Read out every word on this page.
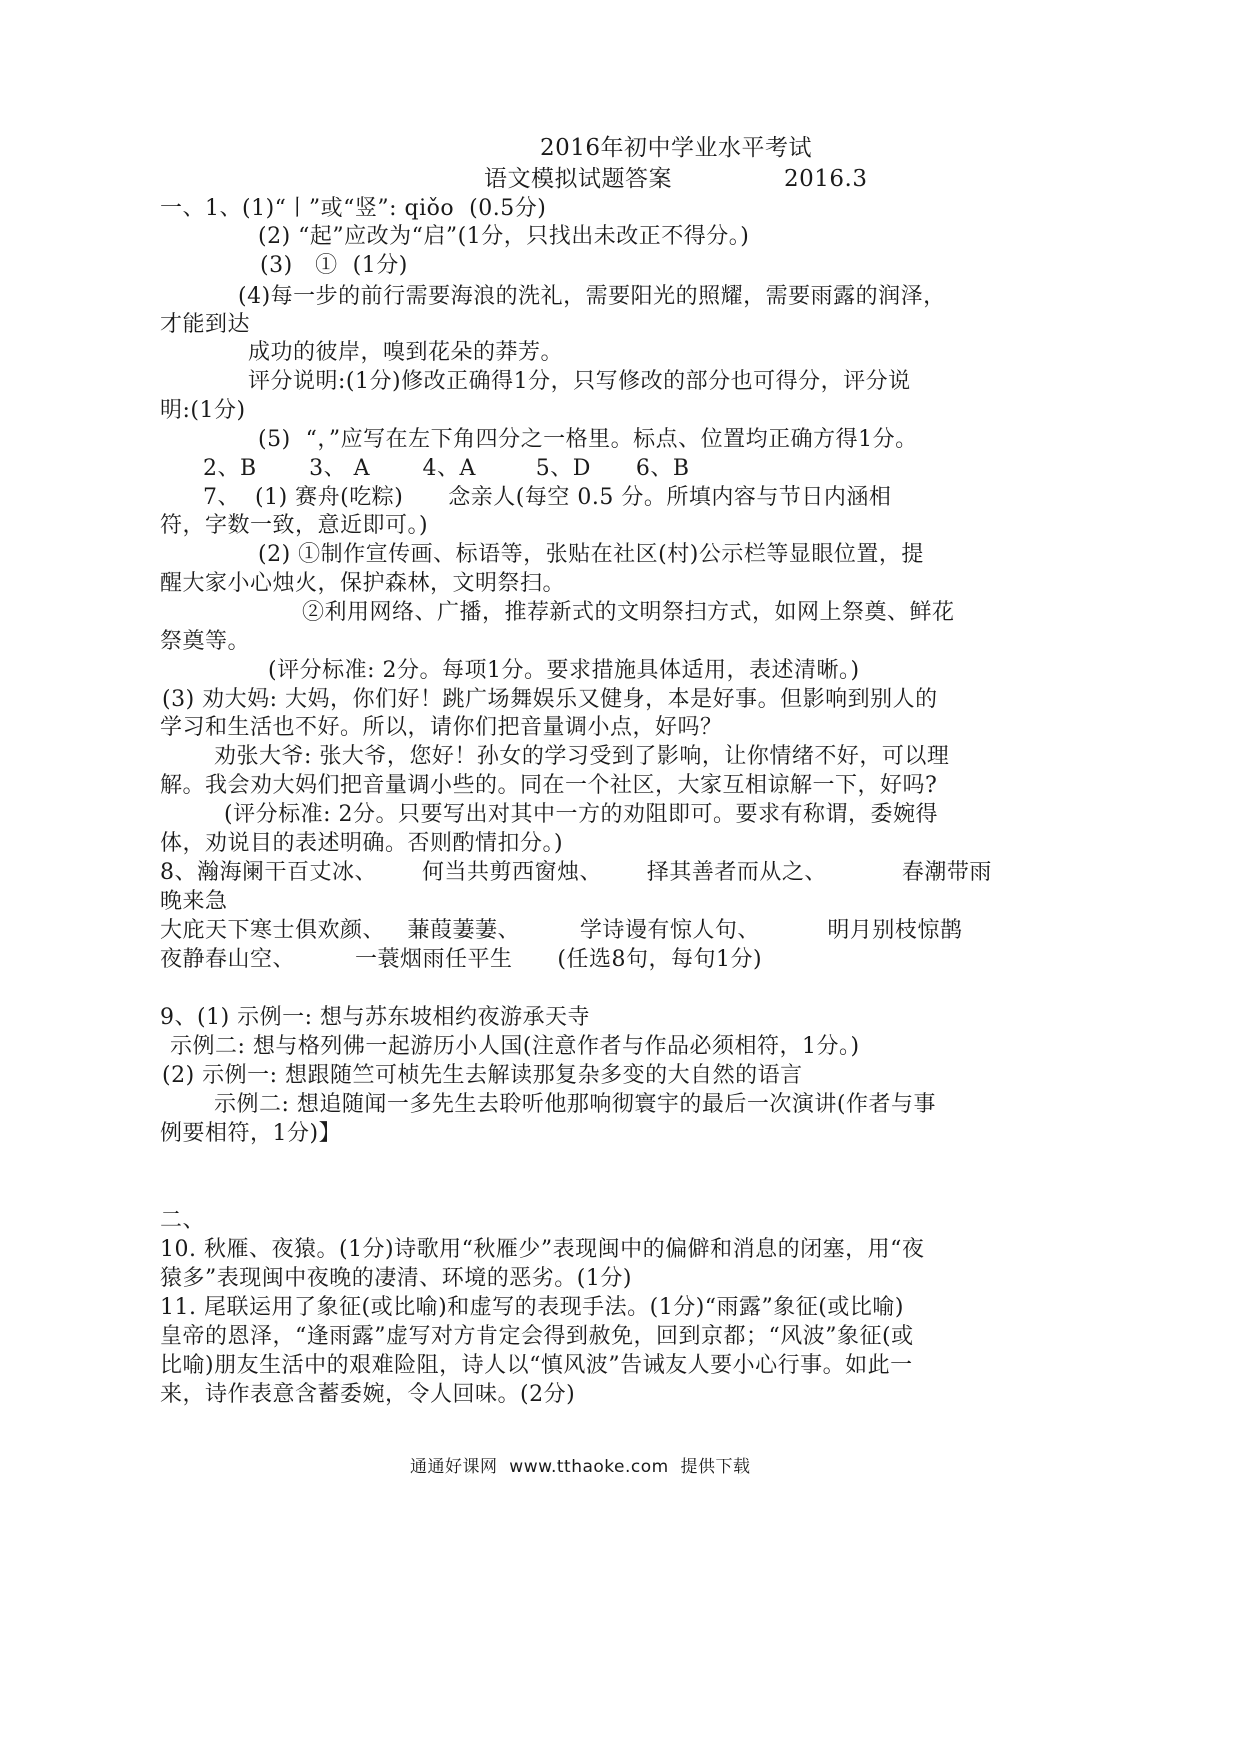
2016年初中学业水平考试
语文模拟试题答案	2016.3
一、1、(1)“丨”或“竖”: qiǒo  (0.5分)
(2) “起”应改为“启”(1分，只找出未改正不得分。)
(3)   ①  (1分)
(4)每一步的前行需要海浪的洗礼，需要阳光的照耀，需要雨露的润泽，
才能到达
成功的彼岸，嗅到花朵的莽芳。
评分说明:(1分)修改正确得1分，只写修改的部分也可得分，评分说
明:(1分)
(5)  “，”应写在左下角四分之一格里。标点、位置均正确方得1分。
2、B       3、 A       4、A        5、D      6、B
7、  (1) 赛舟(吃粽)      念亲人(每空 0.5 分。所填内容与节日内涵相
符，字数一致，意近即可。)
(2) ①制作宣传画、标语等，张贴在社区(村)公示栏等显眼位置，提
醒大家小心烛火，保护森林，文明祭扫。
②利用网络、广播，推荐新式的文明祭扫方式，如网上祭奠、鲜花
祭奠等。
(评分标准: 2分。每项1分。要求措施具体适用，表述清晰。)
(3) 劝大妈: 大妈，你们好！跳广场舞娱乐又健身，本是好事。但影响到别人的
学习和生活也不好。所以，请你们把音量调小点，好吗？
劝张大爷: 张大爷，您好！孙女的学习受到了影响，让你情绪不好，可以理
解。我会劝大妈们把音量调小些的。同在一个社区，大家互相谅解一下，好吗?
(评分标准: 2分。只要写出对其中一方的劝阻即可。要求有称谓，委婉得
体，劝说目的表述明确。否则酌情扣分。)
8、瀚海阑干百丈冰、      何当共剪西窗烛、      择其善者而从之、          春潮带雨
晚来急
大庇天下寒士俱欢颜、   蒹葭萋萋、        学诗谩有惊人句、         明月别枝惊鹊
夜静春山空、        一蓑烟雨任平生      (任选8句，每句1分)
9、(1) 示例一: 想与苏东坡相约夜游承天寺
示例二: 想与格列佛一起游历小人国(注意作者与作品必须相符，1分。)
(2) 示例一: 想跟随竺可桢先生去解读那复杂多变的大自然的语言
示例二: 想追随闻一多先生去聆听他那响彻寰宇的最后一次演讲(作者与事
例要相符，1分)】
二、
10. 秋雁、夜猿。(1分)诗歌用“秋雁少”表现闽中的偏僻和消息的闭塞，用“夜
猿多”表现闽中夜晚的凄清、环境的恶劣。(1分)
11. 尾联运用了象征(或比喻)和虚写的表现手法。(1分)“雨露”象征(或比喻)
皇帝的恩泽，“逢雨露”虚写对方肯定会得到赦免，回到京都；“风波”象征(或
比喻)朋友生活中的艰难险阻，诗人以“慎风波”告诫友人要小心行事。如此一
来，诗作表意含蓄委婉，令人回味。(2分)
通通好课网  www.tthaoke.com  提供下载
